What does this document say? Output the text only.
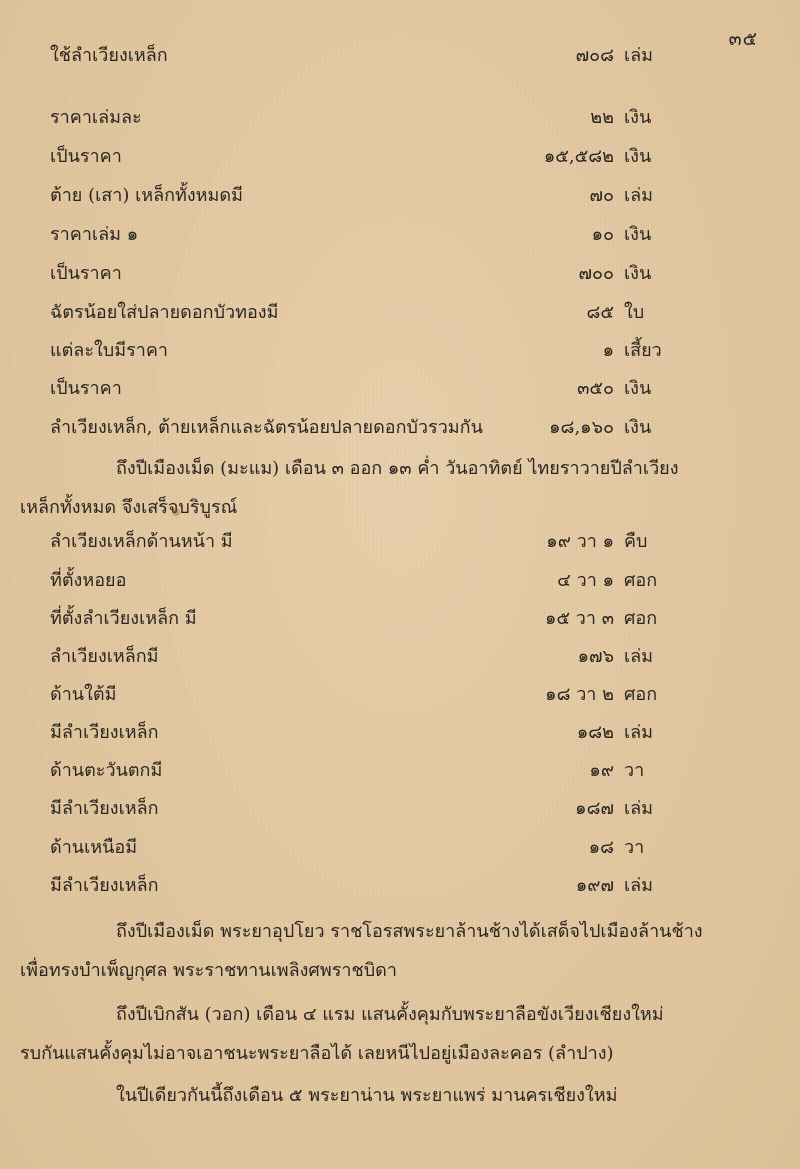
๓๕
ใช้ลำเวียงเหล็ก	๗๐๘ เล่ม
ราคาเล่มละ	๒๒ เงิน
เป็นราคา	๑๕,๕๘๒ เงิน
ต้าย (เสา) เหล็กทั้งหมดมี	๗๐ เล่ม
ราคาเล่ม ๑	๑๐ เงิน
เป็นราคา	๗๐๐ เงิน
ฉัตรน้อยใส่ปลายดอกบัวทองมี	๘๕ ใบ
แต่ละใบมีราคา	๑ เสี้ยว
เป็นราคา	๓๕๐ เงิน
ลำเวียงเหล็ก, ต้ายเหล็กและฉัตรน้อยปลายดอกบัวรวมกัน	๑๘,๑๖๐ เงิน
ถึงปีเมืองเม็ด (มะแม) เดือน ๓ ออก ๑๓ ค่ำ วันอาทิตย์ ไทยราวายปีลำเวียง
เหล็กทั้งหมด จึงเสร็จบริบูรณ์
ลำเวียงเหล็กด้านหน้า มี	๑๙ วา ๑ คืบ
ที่ตั้งหอยอ	๔ วา ๑ ศอก
ที่ตั้งลำเวียงเหล็ก มี	๑๕ วา ๓ ศอก
ลำเวียงเหล็กมี	๑๗๖ เล่ม
ด้านใต้มี	๑๘ วา ๒ ศอก
มีลำเวียงเหล็ก	๑๘๒ เล่ม
ด้านตะวันตกมี	๑๙ วา
มีลำเวียงเหล็ก	๑๘๗ เล่ม
ด้านเหนือมี	๑๘ วา
มีลำเวียงเหล็ก	๑๙๗ เล่ม
ถึงปีเมืองเม็ด พระยาอุปโยว ราชโอรสพระยาล้านช้างได้เสด็จไปเมืองล้านช้าง
เพื่อทรงบำเพ็ญกุศล พระราชทานเพลิงศพราชบิดา
ถึงปีเบิกสัน (วอก) เดือน ๔ แรม แสนคั้งคุมกับพระยาลือขังเวียงเชียงใหม่
รบกันแสนคั้งคุมไม่อาจเอาชนะพระยาลือได้ เลยหนีไปอยู่เมืองละคอร (ลำปาง)
ในปีเดียวกันนี้ถึงเดือน ๕ พระยาน่าน พระยาแพร่ มานครเชียงใหม่
